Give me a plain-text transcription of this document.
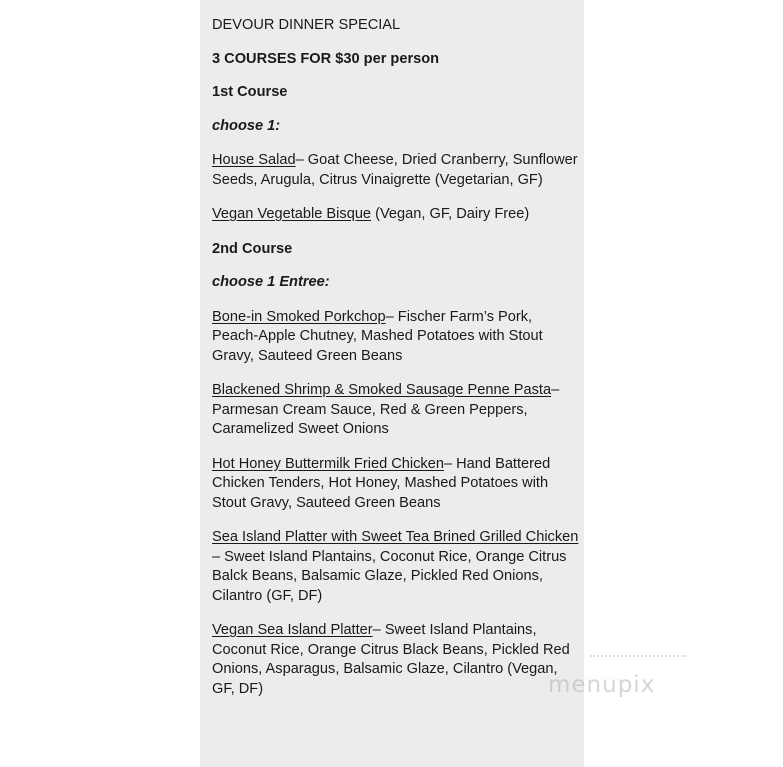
DEVOUR DINNER SPECIAL

3 COURSES FOR $30 per person

1st Course

choose 1:

House Salad– Goat Cheese, Dried Cranberry, Sunflower Seeds, Arugula, Citrus Vinaigrette (Vegetarian, GF)

Vegan Vegetable Bisque (Vegan, GF, Dairy Free)

2nd Course

choose 1 Entree:

Bone-in Smoked Porkchop– Fischer Farm’s Pork, Peach-Apple Chutney, Mashed Potatoes with Stout Gravy, Sauteed Green Beans

Blackened Shrimp & Smoked Sausage Penne Pasta– Parmesan Cream Sauce, Red & Green Peppers, Caramelized Sweet Onions

Hot Honey Buttermilk Fried Chicken– Hand Battered Chicken Tenders, Hot Honey, Mashed Potatoes with Stout Gravy, Sauteed Green Beans

Sea Island Platter with Sweet Tea Brined Grilled Chicken – Sweet Island Plantains, Coconut Rice, Orange Citrus Balck Beans, Balsamic Glaze, Pickled Red Onions, Cilantro (GF, DF)

Vegan Sea Island Platter– Sweet Island Plantains, Coconut Rice, Orange Citrus Black Beans, Pickled Red Onions, Asparagus, Balsamic Glaze, Cilantro (Vegan, GF, DF)	menupix
